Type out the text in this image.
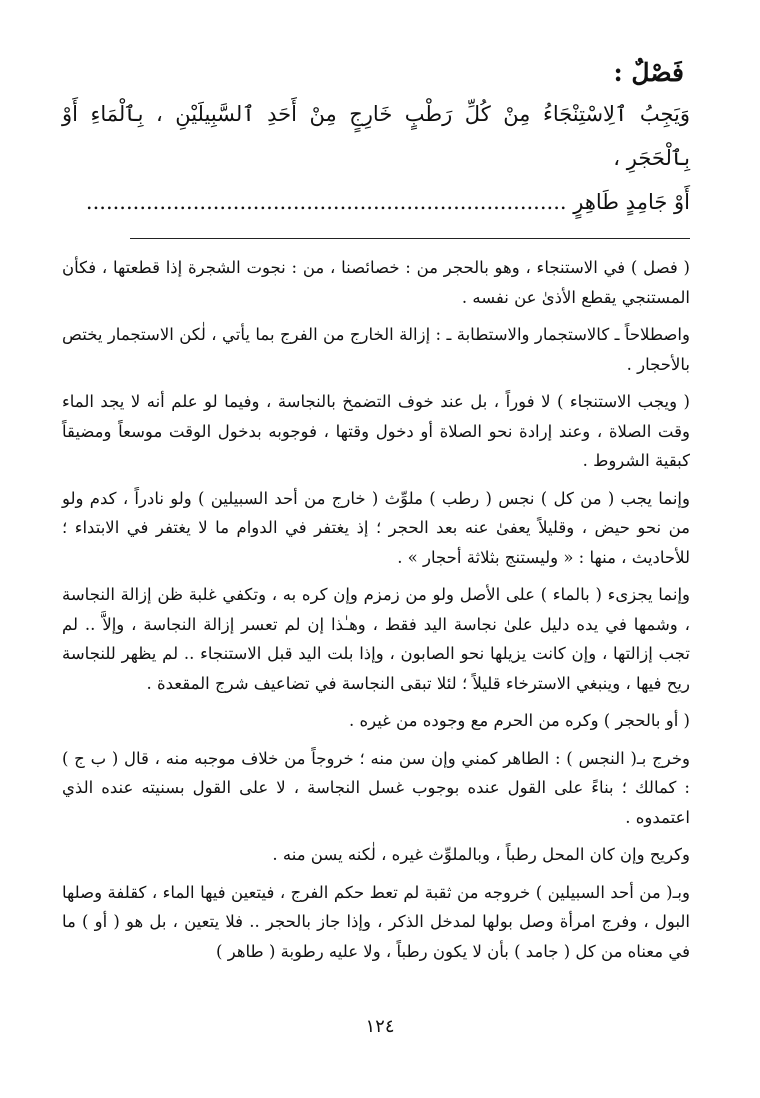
فَصْلٌ :
وَيَجِبُ ٱلِاسْتِنْجَاءُ مِنْ كُلِّ رَطْبٍ خَارِجٍ مِنْ أَحَدِ ٱلسَّبِيلَيْنِ ، بِٱلْمَاءِ أَوْ بِٱلْحَجَرِ ،
أَوْ جَامِدٍ طَاهِرٍ ........................................................................

( فصل ) في الاستنجاء ، وهو بالحجر من : خصائصنا ، من : نجوت الشجرة إذا قطعتها ، فكأن المستنجي يقطع الأذىٰ عن نفسه .

واصطلاحاً ـ كالاستجمار والاستطابة ـ : إزالة الخارج من الفرج بما يأتي ، لٰكن الاستجمار يختص بالأحجار .

( ويجب الاستنجاء ) لا فوراً ، بل عند خوف التضمخ بالنجاسة ، وفيما لو علم أنه لا يجد الماء وقت الصلاة ، وعند إرادة نحو الصلاة أو دخول وقتها ، فوجوبه بدخول الوقت موسعاً ومضيقاً كبقية الشروط .

وإنما يجب ( من كل ) نجس ( رطب ) ملوِّث ( خارج من أحد السبيلين ) ولو نادراً ، كدم ولو من نحو حيض ، وقليلاً يعفىٰ عنه بعد الحجر ؛ إذ يغتفر في الدوام ما لا يغتفر في الابتداء ؛ للأحاديث ، منها : « وليستنج بثلاثة أحجار » .

وإنما يجزىء ( بالماء ) على الأصل ولو من زمزم وإن كره به ، وتكفي غلبة ظن إزالة النجاسة ، وشمها في يده دليل علىٰ نجاسة اليد فقط ، وهـٰذا إن لم تعسر إزالة النجاسة ، وإلاَّ .. لم تجب إزالتها ، وإن كانت يزيلها نحو الصابون ، وإذا بلت اليد قبل الاستنجاء .. لم يظهر للنجاسة ريح فيها ، وينبغي الاسترخاء قليلاً ؛ لئلا تبقى النجاسة في تضاعيف شرج المقعدة .

( أو بالحجر ) وكره من الحرم مع وجوده من غيره .

وخرج بـ( النجس ) : الطاهر كمني وإن سن منه ؛ خروجاً من خلاف موجبه منه ، قال ( ب ج ) : كمالك ؛ بناءً على القول عنده بوجوب غسل النجاسة ، لا على القول بسنيته عنده الذي اعتمدوه .

وكريح وإن كان المحل رطباً ، وبالملوِّث غيره ، لٰكنه يسن منه .

وبـ( من أحد السبيلين ) خروجه من ثقبة لم تعط حكم الفرج ، فيتعين فيها الماء ، كقلفة وصلها البول ، وفرج امرأة وصل بولها لمدخل الذكر ، وإذا جاز بالحجر .. فلا يتعين ، بل هو ( أو ) ما في معناه من كل ( جامد ) بأن لا يكون رطباً ، ولا عليه رطوبة ( طاهر )

١٢٤
